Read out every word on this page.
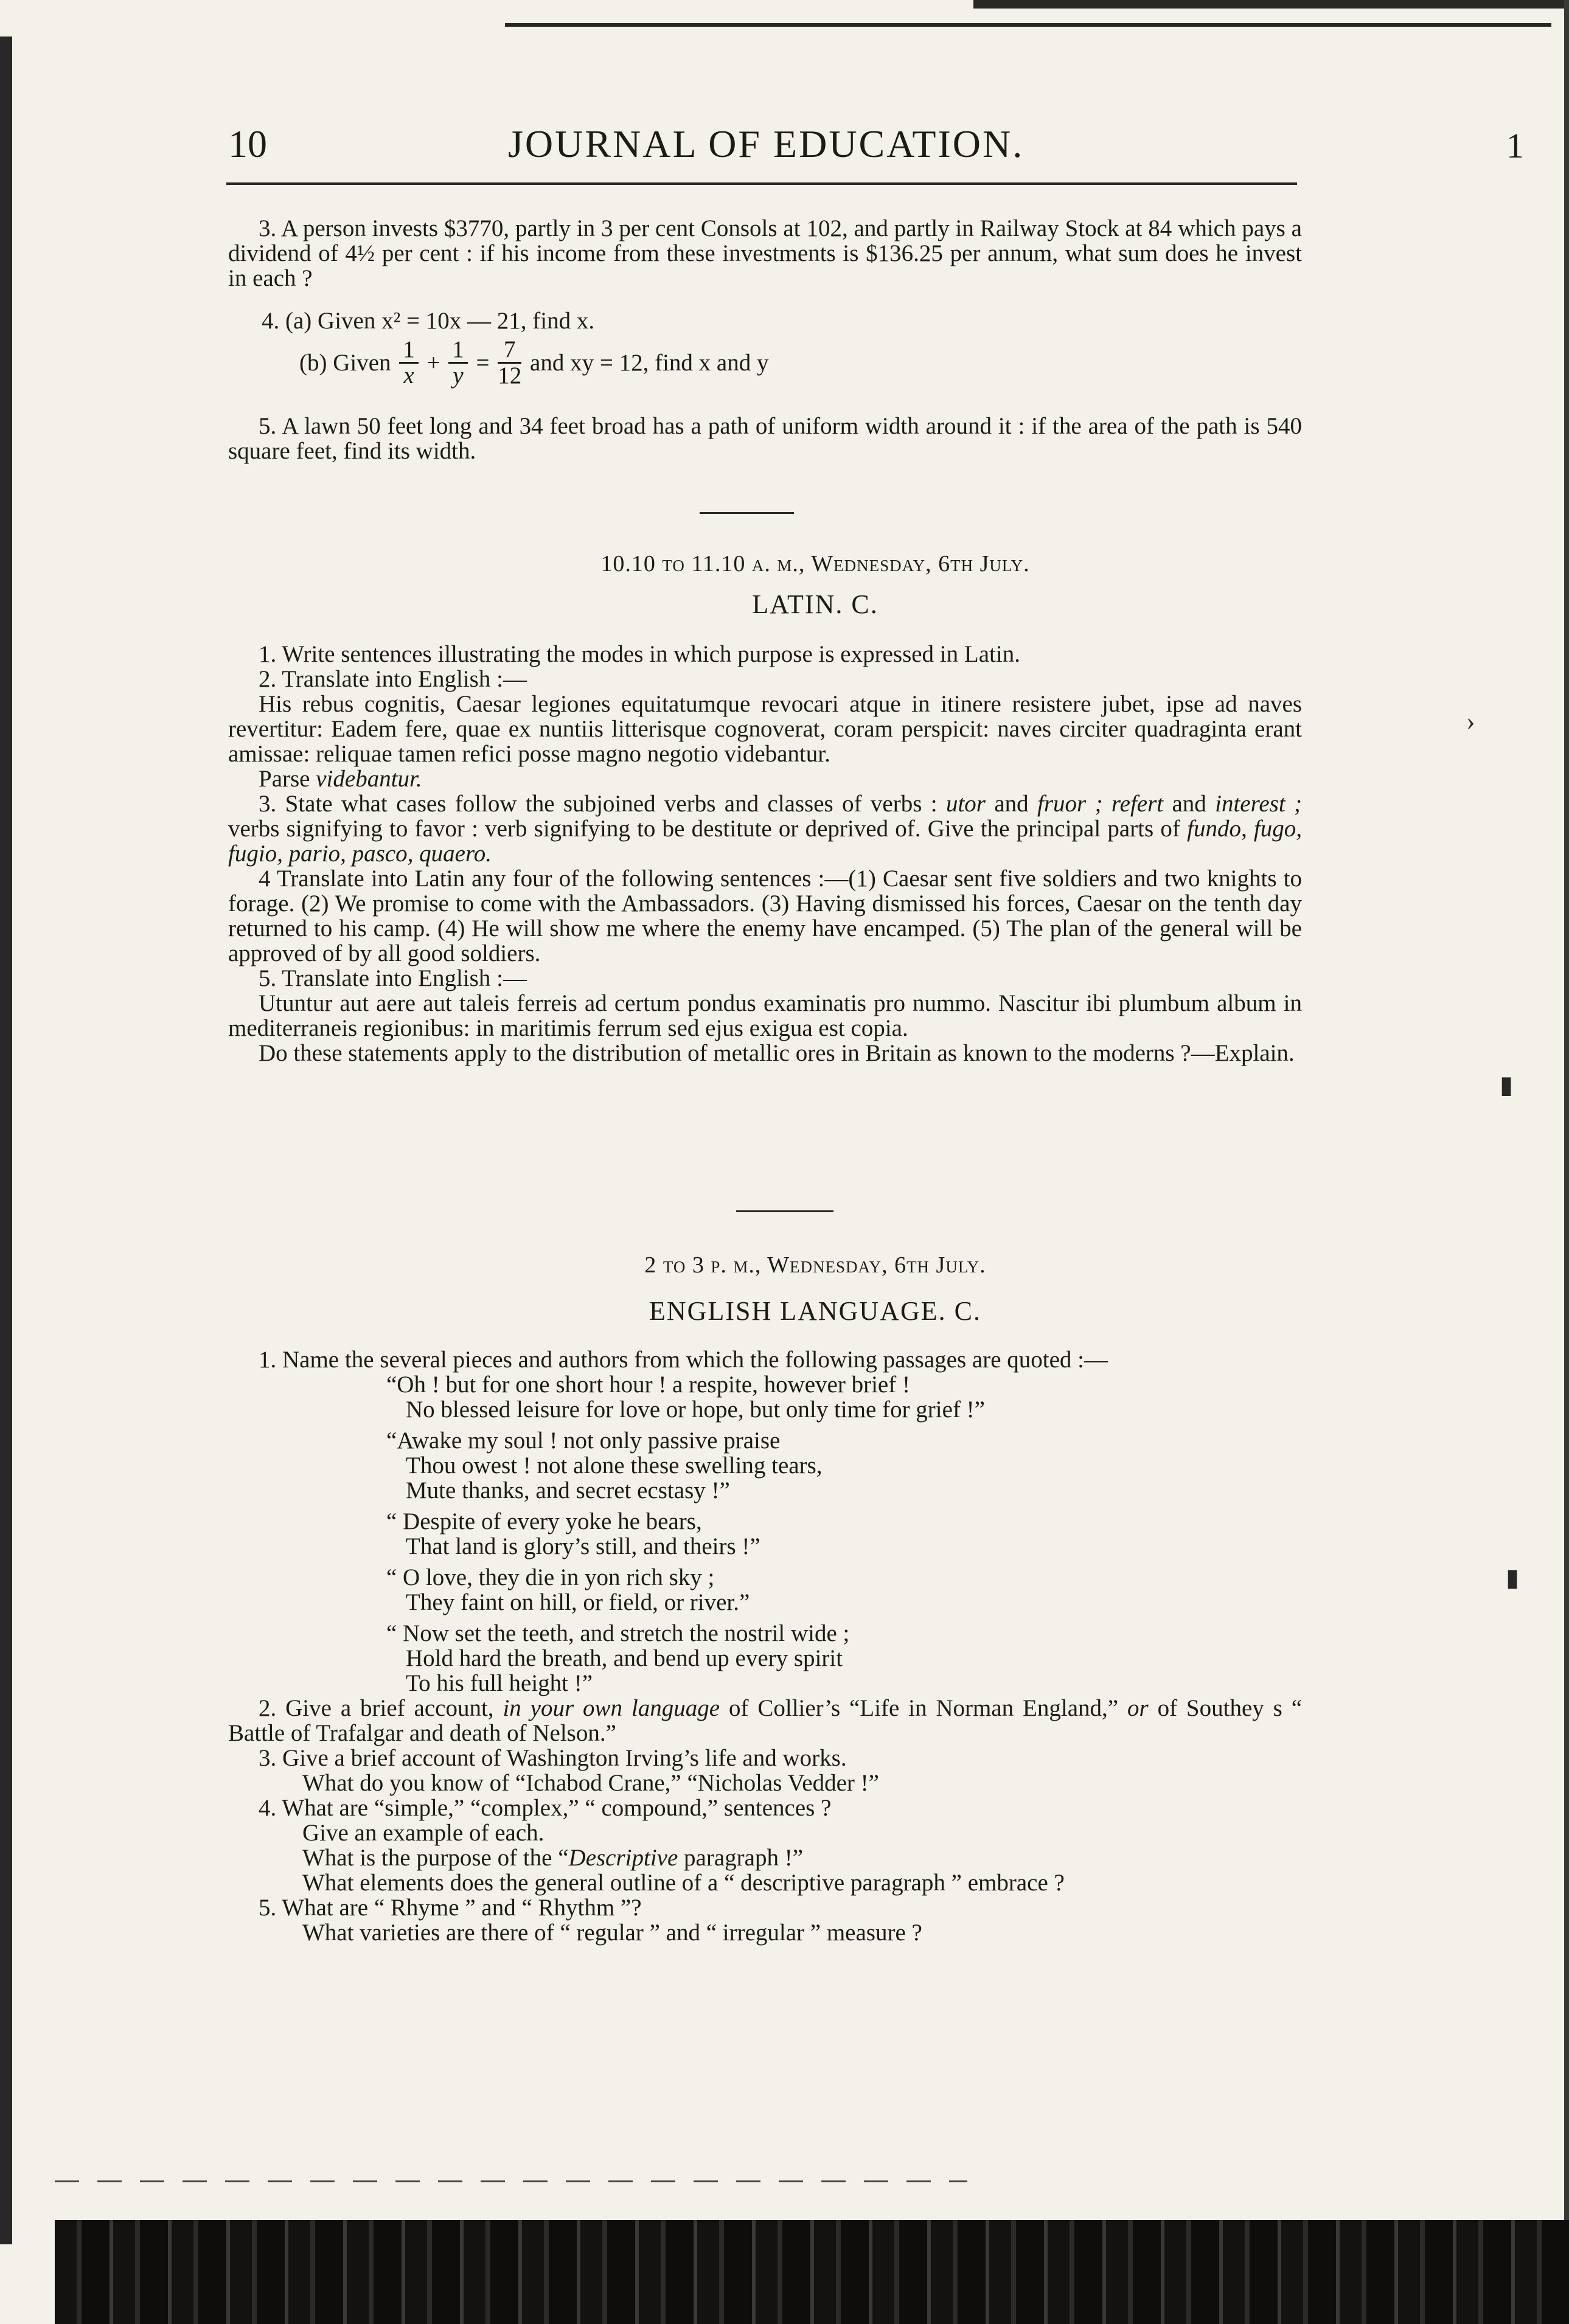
10	JOURNAL OF EDUCATION.	1

3. A person invests $3770, partly in 3 per cent Consols at 102, and partly in Railway Stock at 84 which pays a dividend of 4½ per cent : if his income from these investments is $136.25 per annum, what sum does he invest in each ?

4. (a) Given x² = 10x — 21, find x.
(b) Given $\frac{1}{x} + \frac{1}{y} = \frac{7}{12}$ and xy = 12, find x and y

5. A lawn 50 feet long and 34 feet broad has a path of uniform width around it : if the area of the path is 540 square feet, find its width.

10.10 to 11.10 a. m., Wednesday, 6th July.
LATIN. C.

1. Write sentences illustrating the modes in which purpose is expressed in Latin.

2. Translate into English :—

His rebus cognitis, Caesar legiones equitatumque revocari atque in itinere resistere jubet, ipse ad naves revertitur: Eadem fere, quae ex nuntiis litterisque cognoverat, coram perspicit: naves circiter quadraginta erant amissae: reliquae tamen refici posse magno negotio videbantur.

Parse videbantur.

3. State what cases follow the subjoined verbs and classes of verbs : utor and fruor ; refert and interest ; verbs signifying to favor : verb signifying to be destitute or deprived of. Give the principal parts of fundo, fugo, fugio, pario, pasco, quaero.

4 Translate into Latin any four of the following sentences :—(1) Caesar sent five soldiers and two knights to forage. (2) We promise to come with the Ambassadors. (3) Having dismissed his forces, Caesar on the tenth day returned to his camp. (4) He will show me where the enemy have encamped. (5) The plan of the general will be approved of by all good soldiers.

5. Translate into English :—

Utuntur aut aere aut taleis ferreis ad certum pondus examinatis pro nummo. Nascitur ibi plumbum album in mediterraneis regionibus: in maritimis ferrum sed ejus exigua est copia.

Do these statements apply to the distribution of metallic ores in Britain as known to the moderns ?—Explain.

2 to 3 p. m., Wednesday, 6th July.
ENGLISH LANGUAGE. C.

1. Name the several pieces and authors from which the following passages are quoted :—

“Oh ! but for one short hour ! a respite, however brief !
No blessed leisure for love or hope, but only time for grief !”
“Awake my soul ! not only passive praise
Thou owest ! not alone these swelling tears,
Mute thanks, and secret ecstasy !”
“ Despite of every yoke he bears,
That land is glory’s still, and theirs !”
“ O love, they die in yon rich sky ;
They faint on hill, or field, or river.”
“ Now set the teeth, and stretch the nostril wide ;
Hold hard the breath, and bend up every spirit
To his full height !”

2. Give a brief account, in your own language of Collier’s “Life in Norman England,” or of Southey s “ Battle of Trafalgar and death of Nelson.”

3. Give a brief account of Washington Irving’s life and works.

What do you know of “Ichabod Crane,” “Nicholas Vedder !”

4. What are “simple,” “complex,” “ compound,” sentences ?

Give an example of each.

What is the purpose of the “Descriptive paragraph !”

What elements does the general outline of a “ descriptive paragraph ” embrace ?

5. What are “ Rhyme ” and “ Rhythm ”?

What varieties are there of “ regular ” and “ irregular ” measure ?

›
▮
▮
